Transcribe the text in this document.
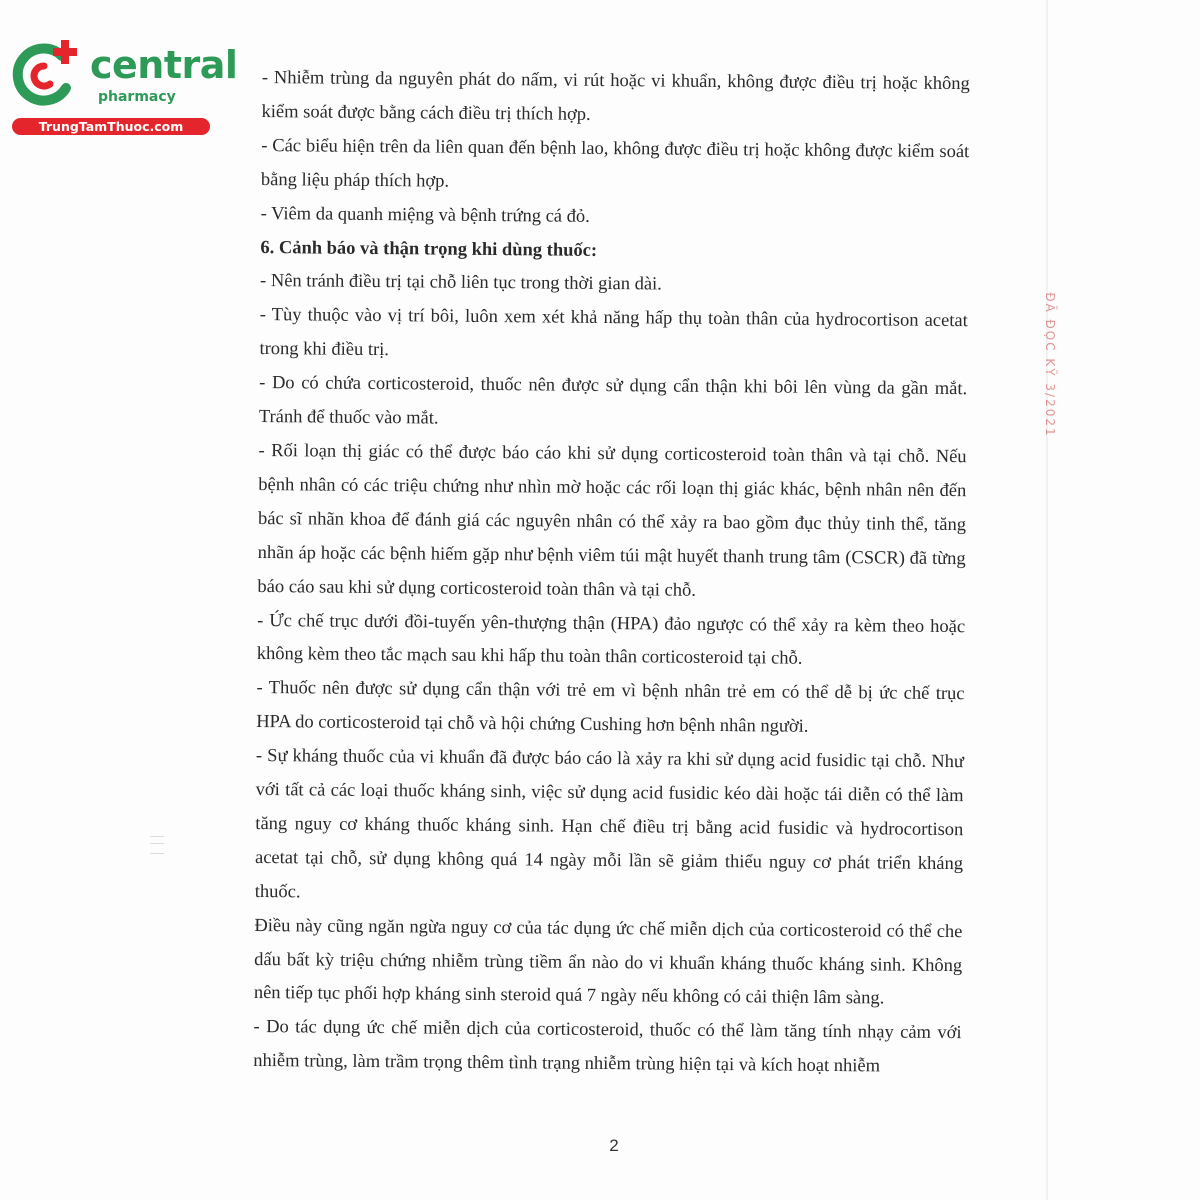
central
pharmacy
TrungTamThuoc.com

- Nhiễm trùng da nguyên phát do nấm, vi rút hoặc vi khuẩn, không được điều trị hoặc không kiểm soát được bằng cách điều trị thích hợp.

- Các biểu hiện trên da liên quan đến bệnh lao, không được điều trị hoặc không được kiểm soát bằng liệu pháp thích hợp.

- Viêm da quanh miệng và bệnh trứng cá đỏ.

6. Cảnh báo và thận trọng khi dùng thuốc:

- Nên tránh điều trị tại chỗ liên tục trong thời gian dài.

- Tùy thuộc vào vị trí bôi, luôn xem xét khả năng hấp thụ toàn thân của hydrocortison acetat trong khi điều trị.

- Do có chứa corticosteroid, thuốc nên được sử dụng cẩn thận khi bôi lên vùng da gần mắt. Tránh để thuốc vào mắt.

- Rối loạn thị giác có thể được báo cáo khi sử dụng corticosteroid toàn thân và tại chỗ. Nếu bệnh nhân có các triệu chứng như nhìn mờ hoặc các rối loạn thị giác khác, bệnh nhân nên đến bác sĩ nhãn khoa để đánh giá các nguyên nhân có thể xảy ra bao gồm đục thủy tinh thể, tăng nhãn áp hoặc các bệnh hiếm gặp như bệnh viêm túi mật huyết thanh trung tâm (CSCR) đã từng báo cáo sau khi sử dụng corticosteroid toàn thân và tại chỗ.

- Ức chế trục dưới đồi-tuyến yên-thượng thận (HPA) đảo ngược có thể xảy ra kèm theo hoặc không kèm theo tắc mạch sau khi hấp thu toàn thân corticosteroid tại chỗ.

- Thuốc nên được sử dụng cẩn thận với trẻ em vì bệnh nhân trẻ em có thể dễ bị ức chế trục HPA do corticosteroid tại chỗ và hội chứng Cushing hơn bệnh nhân người.

- Sự kháng thuốc của vi khuẩn đã được báo cáo là xảy ra khi sử dụng acid fusidic tại chỗ. Như với tất cả các loại thuốc kháng sinh, việc sử dụng acid fusidic kéo dài hoặc tái diễn có thể làm tăng nguy cơ kháng thuốc kháng sinh. Hạn chế điều trị bằng acid fusidic và hydrocortison acetat tại chỗ, sử dụng không quá 14 ngày mỗi lần sẽ giảm thiểu nguy cơ phát triển kháng thuốc.

Điều này cũng ngăn ngừa nguy cơ của tác dụng ức chế miễn dịch của corticosteroid có thể che dấu bất kỳ triệu chứng nhiễm trùng tiềm ẩn nào do vi khuẩn kháng thuốc kháng sinh. Không nên tiếp tục phối hợp kháng sinh steroid quá 7 ngày nếu không có cải thiện lâm sàng.

- Do tác dụng ức chế miễn dịch của corticosteroid, thuốc có thể làm tăng tính nhạy cảm với nhiễm trùng, làm trầm trọng thêm tình trạng nhiễm trùng hiện tại và kích hoạt nhiễm

2
ĐÃ ĐỌC KỸ 3/2021
